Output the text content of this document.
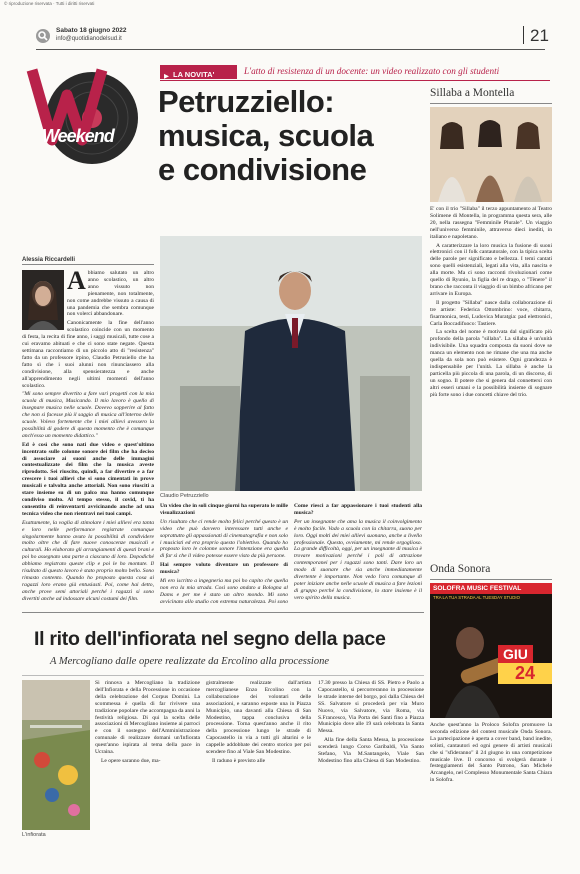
© riproduzione riservata · Tutti i diritti riservati
Sabato 18 giugno 2022
info@quotidianodelsud.it	21
Weekend
▶ LA NOVITA'	L'atto di resistenza di un docente: un video realizzato con gli studenti
Petruzziello:
musica, scuola
e condivisione
Claudio Petruzziello
Alessia Riccardelli
A bbiamo salutato un altro anno scolastico, un altro anno vissuto non pienamente, non totalmente, non come andrebbe vissuto a causa di una pandemia che sembra comunque non volerci abbandonare.

Canonicamente la fine dell'anno scolastico coincide con un momento di festa, la recita di fine anno, i saggi musicali, tutte cose a cui eravamo abituati e che ci sono state negate. Questa settimana raccontiamo di un piccolo atto di "resistenza" fatto da un professore irpino, Claudio Petrusiello che ha fatto sì che i suoi alunni non rinunciassero alla condivisione, alla spensieratezza e anche all'apprendimento negli ultimi momenti dell'anno scolastico.

"Mi sono sempre divertito a fare vari progetti con la mia scuola di musica, Musicando. Il mio lavoro è quello di insegnare musica nelle scuole. Dovevo sopperire al fatto che non si facesse più il saggio di musica all'interno delle scuole. Volevo fortemente che i miei allievi avessero la possibilità di godere di questo momento che è comunque anch'esso un momento didattico."

Ed è così che sono nati due video e quest'ultimo incentrato sulle colonne sonore dei film che ha deciso di associare ai suoni anche delle immagini contestualizzate dei film che la musica aveste riprodotto. Sei riuscito, quindi, a far divertire e a far crescere i tuoi allievi che si sono cimentati in prove musicali e talvolta anche attoriali. Non sono riusciti a stare insieme su di un palco ma hanno comunque condiviso molto. Al tempo stesso, il covid, ti ha consentito di reinventarti avvicinando anche ad una tecnica video che non rientravi nei tuoi campi.

Esattamente, la voglia di stimolare i miei allievi era tanta e loro nelle performance registrate comunque singolarmente hanno avuto la possibilità di condividere molto oltre che di fare nuove conoscenze musicali e culturali. Ho elaborato gli arrangiamenti di questi brani e poi ho assegnato una parte a ciascuno di loro. Dopodiché abbiamo registrato queste clip e poi le ho montate. Il risultato di questo lavoro è stato proprio molto bello. Sono rimasto contento. Quando ho proposto questa cosa ai ragazzi loro erano già entusiasti. Poi, come hai detto, anche prove semi attoriali perché i ragazzi si sono divertiti anche ad indossare alcuni costumi dei film.

Un video che in soli cinque giorni ha superato le mille visualizzazioni

Un risultato che ci rende molto felici perché questo è un video che può davvero interessare tutti anche e soprattutto gli appassionati di cinematografia e non solo i musicisti ed era proprio questo l'obiettivo. Quando ho proposto loro le colonne sonore l'intenzione era quella di far sì che il video potesse essere visto da più persone.

Hai sempre voluto diventare un professore di musica?

Mi ero iscritto a ingegneria ma poi ho capito che quella non era la mia strada. Così sono andato a Bologna al Dams e per me è stato un altro mondo. Mi sono avvicinato allo studio con estrema naturalezza. Poi sono

Come riesci a far appassionare i tuoi studenti alla musica?

Per un insegnante che ama la musica il coinvolgimento è molto facile. Vado a scuola con la chitarra, suono per loro. Oggi molti dei miei allievi suonano, anche a livello professionale. Questo, ovviamente, mi rende orgoglioso. La grande difficoltà, oggi, per un insegnante di musica è trovare motivazioni perché i poli di attrazione contemporanei per i ragazzi sono tanti. Dare loro un modo di suonare che sia anche immediatamente divertente è importante. Non vedo l'ora comunque di poter iniziare anche nelle scuole di musica a fare lezioni di gruppo perché la condivisione, lo stare insieme è il vero spirito della musica.

Sillaba a Montella

E' con il trio "Sillaba" il terzo appuntamento al Teatro Solimene di Montella, in programma questa sera, alle 20, nella rassegna "Femminile Plurale". Un viaggio nell'universo femminile, attraverso dieci inediti, in italiano e napoletano.

A caratterizzare la loro musica la fusione di suoni elettronici con il folk cantautorale, con la tipica scelta delle parole per significato e bellezza. I temi cantati sono quelli esistenziali, legati alla vita, alla nascita e alla morte. Ma ci sono racconti rivoluzionari come quello di Ryunio, la figlia del re drago, o "Tènere" il brano che racconta il viaggio di un bimbo africano per arrivare in Europa.

Il progetto "Sillaba" nasce dalla collaborazione di tre artiste: Federica Ottombrino: voce, chitarra, fisarmonica, testi, Ludovica Muratgia: pad elettronici, Carla Boccadifuoco: Tastiere.

La scelta del nome è motivata dal significato più profondo della parola "sillaba". La sillaba è un'unità indivisibile. Una squadra composta da suoni dove se manca un elemento non ne rimane che una ma anche quella da sola non può esistere. Ogni grandezza è indispensabile per l'unità. La sillaba è anche la particella più piccola di una parola, di un discorso, di un sogno. Il potere che si genera dal connettersi con altri esseri umani e la possibilità insieme di sognare più forte sono i due concetti chiave del trio.

Onda Sonora
SOLOFRA MUSIC FESTIVAL
TRA LA TUA STRADA AL TUESDAY STUDIO
GIU
24
Anche quest'anno la Proloco Solofra promuove la seconda edizione del contest musicale Onda Sonora. La partecipazione è aperta a cover band, band inedite, solisti, cantautori ed ogni genere di artisti musicali che si "sfideranno" il 24 giugno in una competizione musicale live. Il concorso si svolgerà durante i festeggiamenti del Santo Patrono, San Michele Arcangelo, nel Complesso Monumentale Santa Chiara in Solofra.
Il rito dell'infiorata nel segno della pace
A Mercogliano dalle opere realizzate da Ercolino alla processione
L'infiorata

Si rinnova a Mercogliano la tradizione dell'Infiorata e della Processione in occasione della celebrazione del Corpus Domini. La scommessa è quella di far rivivere una tradizione popolare che accompagna da anni la festività religiosa. Di qui la scelta delle associazioni di Mercogliano insieme ai parroci e con il sostegno dell'Amministrazione comunale di realizzare domani un'Infiorata quest'anno ispirata al tema della pace in Ucraina.

Le opere saranno due, ma-

gistralmente realizzate dall'artista mercoglianese Enzo Ercolino con la collaborazione dei volontari delle associazioni, e saranno esposte una in Piazza Municipio, una davanti alla Chiesa di San Modestino, tappa conclusiva della processione. Torna quest'anno anche il rito della processione lungo le strade di Capocastello in via a tutti gli altarini e le cappelle addobbate dei centro storico per poi scendere fino al Viale San Modestino.

Il raduno è previsto alle

17.30 presso la Chiesa di SS. Pietro e Paolo a Capocastello, si percorreranno in processione le strade interne del borgo, poi dalla Chiesa del SS. Salvatore si procederà per via Muro Nuovo, via Salvatore, via Roma, via S.Francesco, Via Porta dei Santi fino a Piazza Municipio dove alle 19 sarà celebrata la Santa Messa.

Alla fine della Santa Messa, la processione scenderà lungo Corso Garibaldi, Via Santo Stefano, Via M.Santangelo, Viale San Modestino fino alla Chiesa di San Modestino.
